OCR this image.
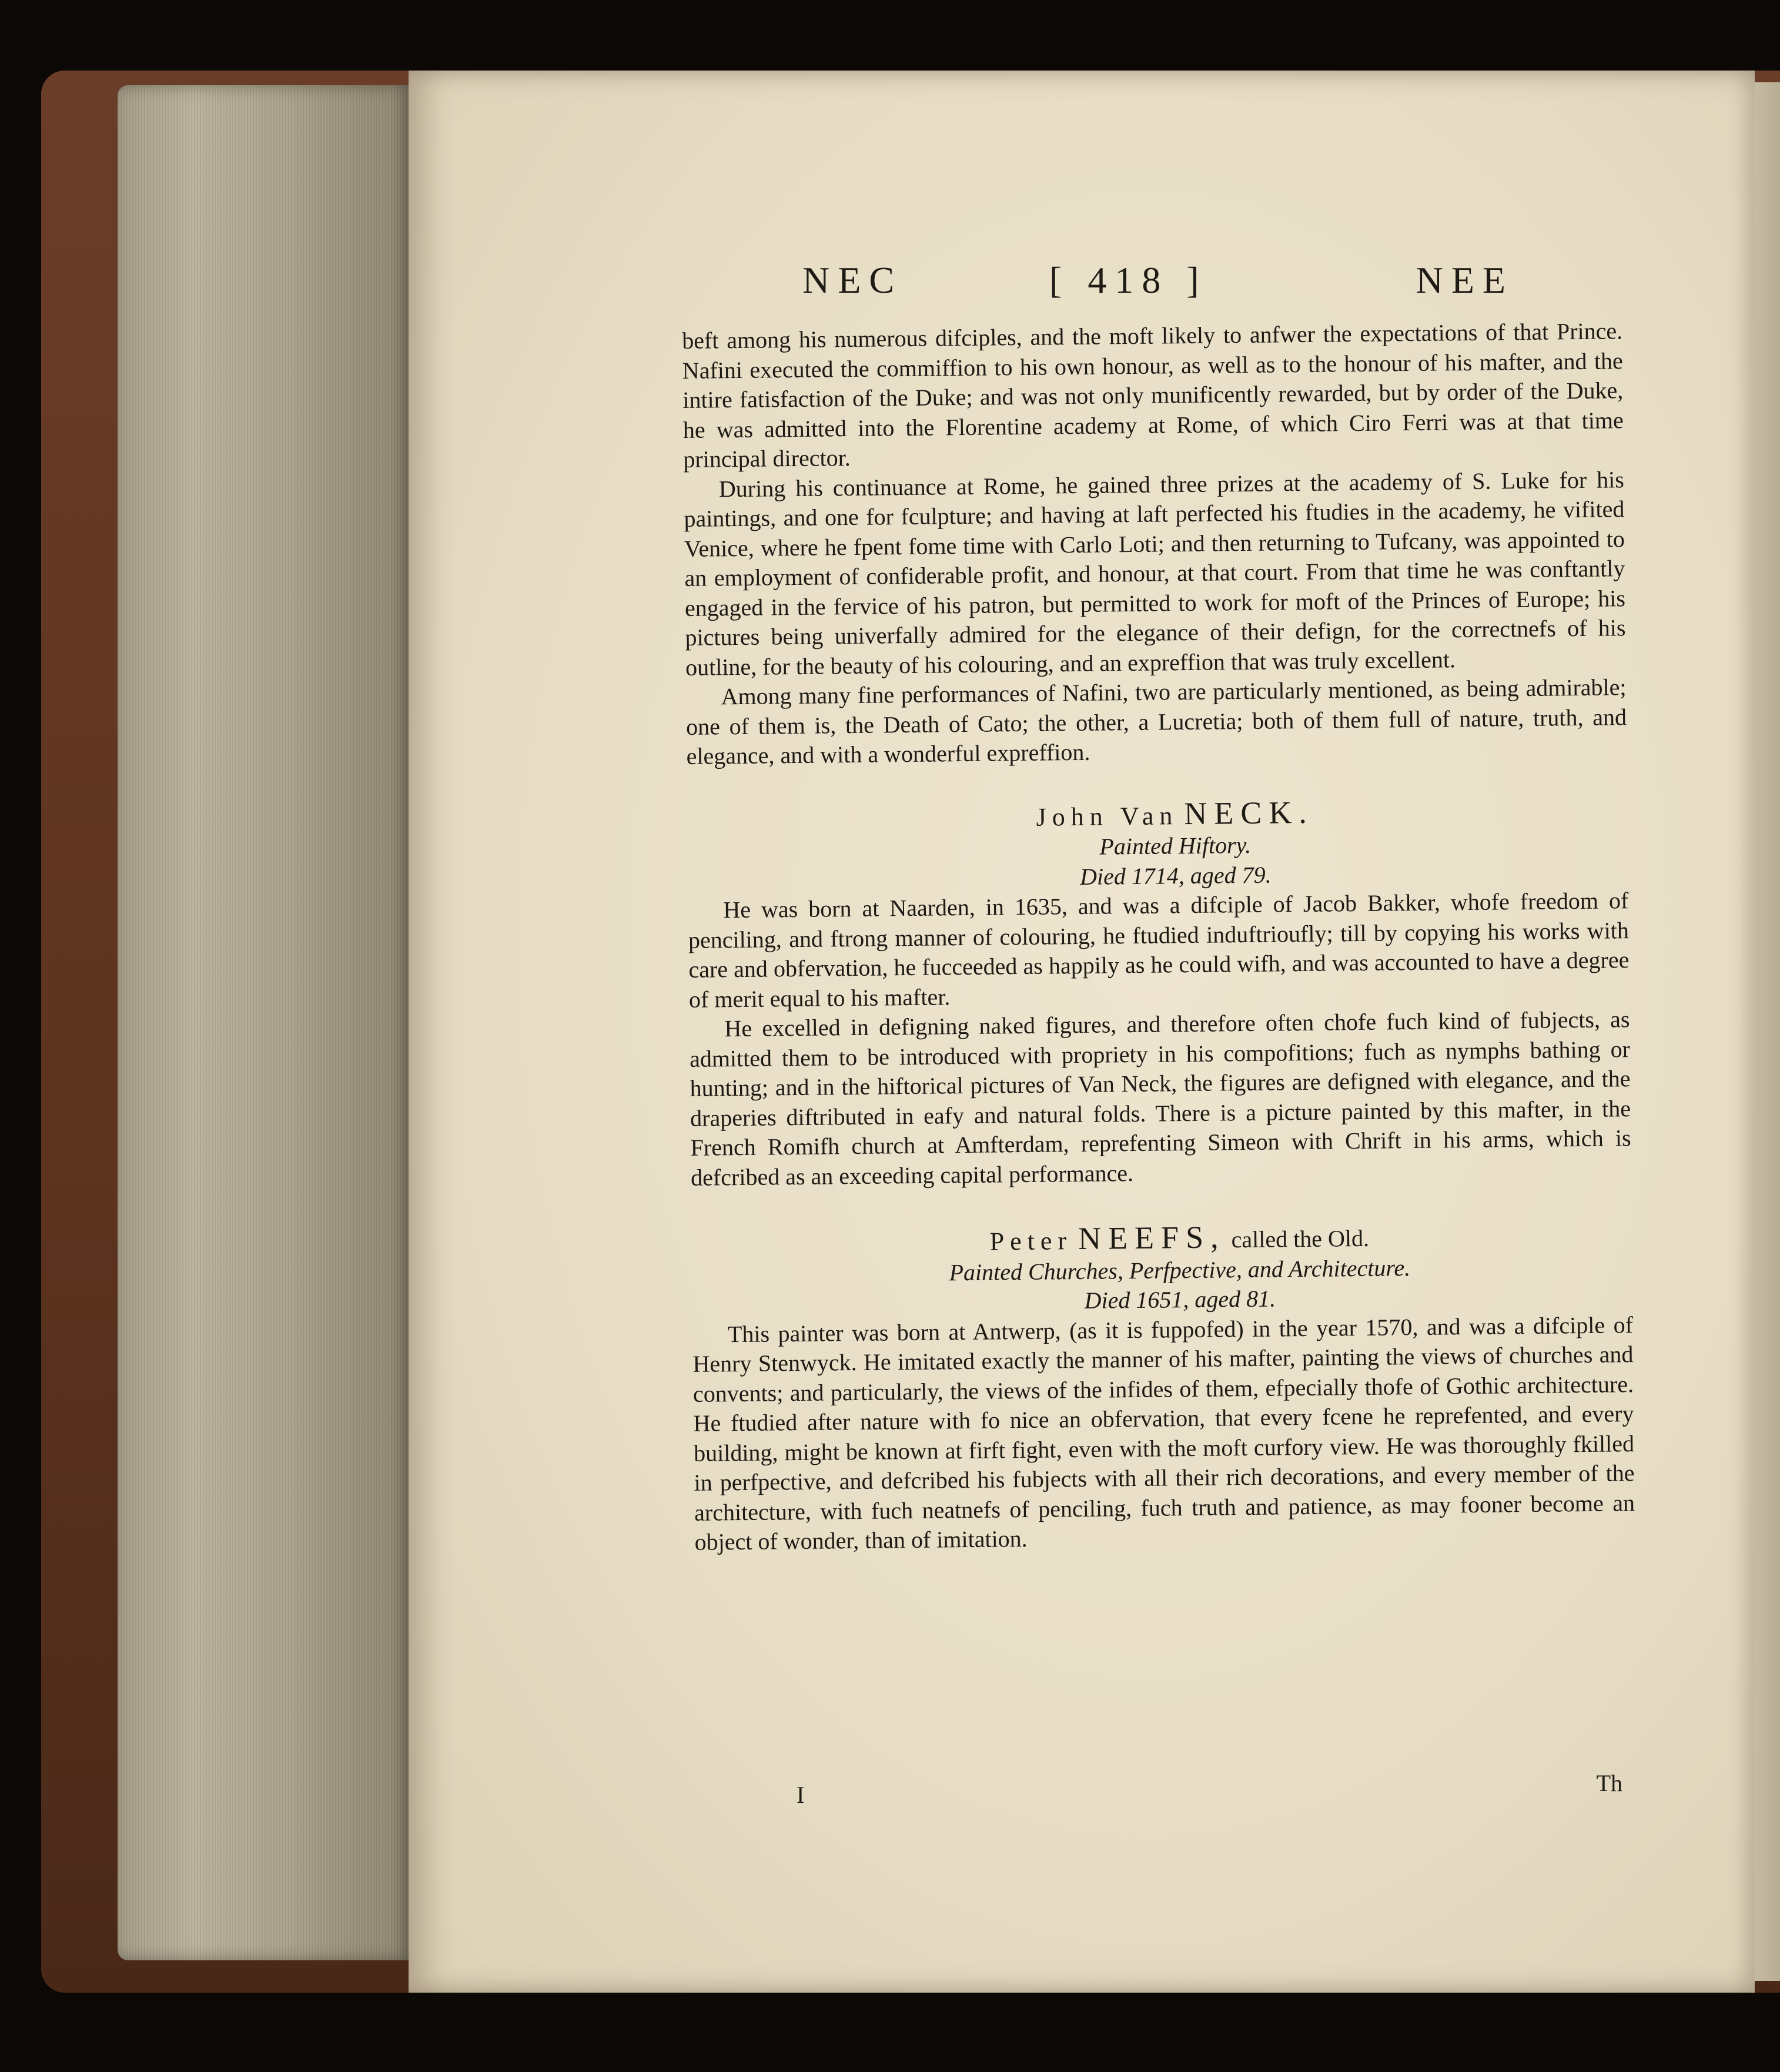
NEC	[ 418 ]	NEE

beft among his numerous difciples, and the moft likely to anfwer the expectations of that Prince. Nafini executed the commiffion to his own honour, as well as to the honour of his mafter, and the intire fatisfaction of the Duke; and was not only munificently rewarded, but by order of the Duke, he was admitted into the Florentine academy at Rome, of which Ciro Ferri was at that time principal director.

During his continuance at Rome, he gained three prizes at the academy of S. Luke for his paintings, and one for fculpture; and having at laft perfected his ftudies in the academy, he vifited Venice, where he fpent fome time with Carlo Loti; and then returning to Tufcany, was appointed to an employment of confiderable profit, and honour, at that court. From that time he was conftantly engaged in the fervice of his patron, but permitted to work for moft of the Princes of Europe; his pictures being univerfally admired for the elegance of their defign, for the correctnefs of his outline, for the beauty of his colouring, and an expreffion that was truly excellent.

Among many fine performances of Nafini, two are particularly mentioned, as being admirable; one of them is, the Death of Cato; the other, a Lucretia; both of them full of nature, truth, and elegance, and with a wonderful expreffion.

John Van NECK.

Painted Hiftory.

Died 1714, aged 79.

He was born at Naarden, in 1635, and was a difciple of Jacob Bakker, whofe freedom of penciling, and ftrong manner of colouring, he ftudied induftrioufly; till by copying his works with care and obfervation, he fucceeded as happily as he could wifh, and was accounted to have a degree of merit equal to his mafter.

He excelled in defigning naked figures, and therefore often chofe fuch kind of fubjects, as admitted them to be introduced with propriety in his compofitions; fuch as nymphs bathing or hunting; and in the hiftorical pictures of Van Neck, the figures are defigned with elegance, and the draperies diftributed in eafy and natural folds. There is a picture painted by this mafter, in the French Romifh church at Amfterdam, reprefenting Simeon with Chrift in his arms, which is defcribed as an exceeding capital performance.

Peter NEEFS, called the Old.

Painted Churches, Perfpective, and Architecture.

Died 1651, aged 81.

This painter was born at Antwerp, (as it is fuppofed) in the year 1570, and was a difciple of Henry Stenwyck. He imitated exactly the manner of his mafter, painting the views of churches and convents; and particularly, the views of the infides of them, efpecially thofe of Gothic architecture. He ftudied after nature with fo nice an obfervation, that every fcene he reprefented, and every building, might be known at firft fight, even with the moft curfory view. He was thoroughly fkilled in perfpective, and defcribed his fubjects with all their rich decorations, and every member of the architecture, with fuch neatnefs of penciling, fuch truth and patience, as may fooner become an object of wonder, than of imitation.

I	Th
